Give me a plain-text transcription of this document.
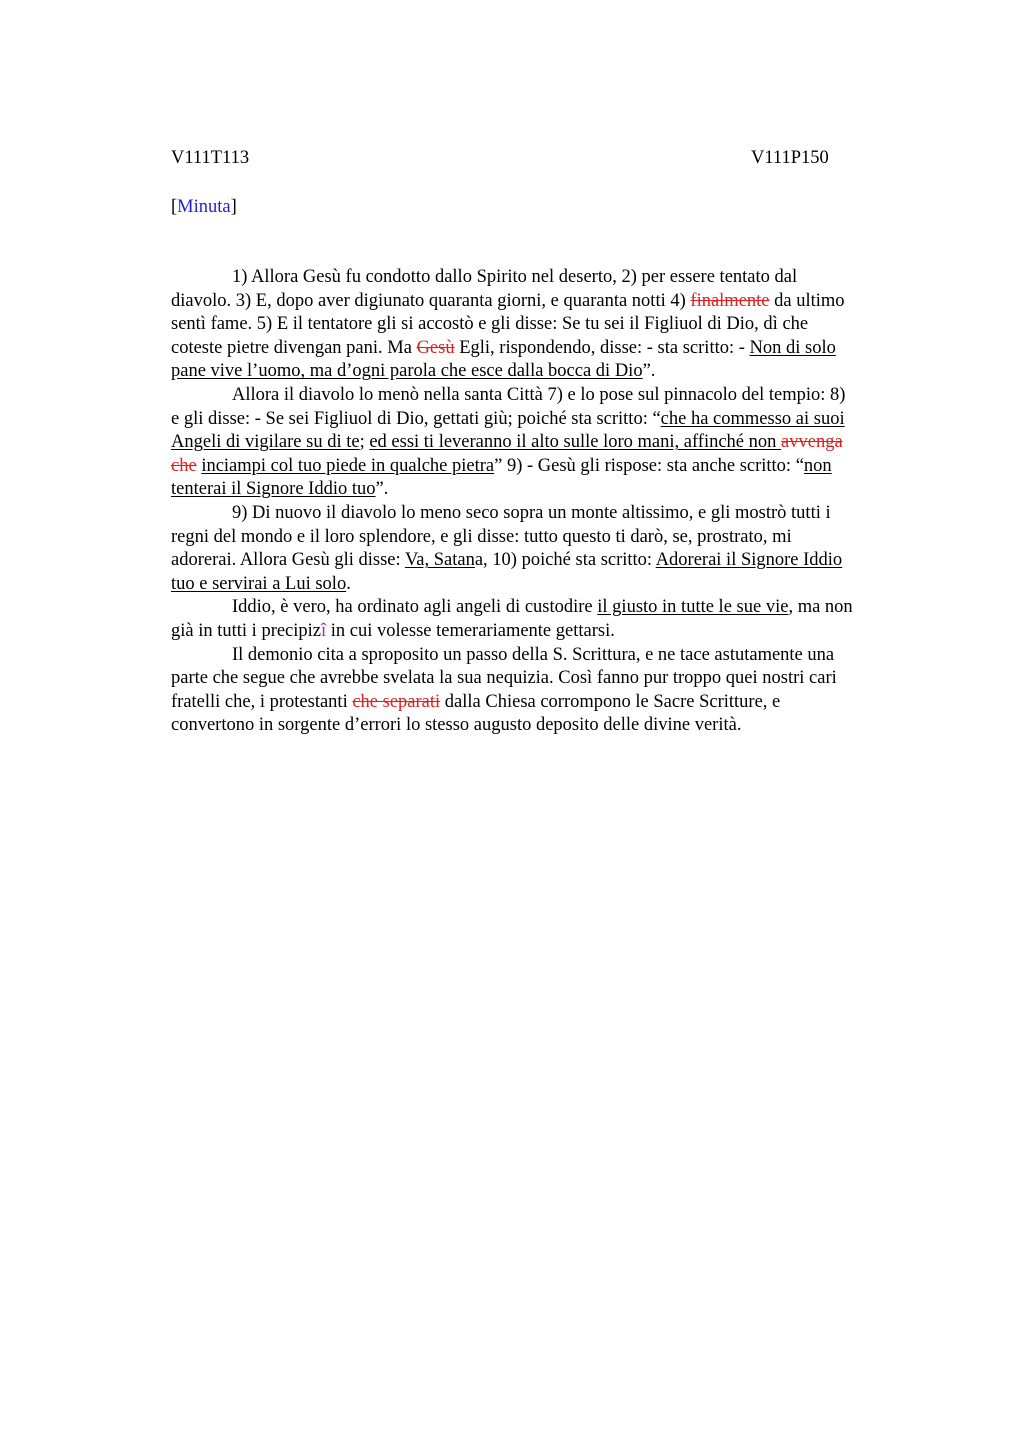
V111T113	V111P150
[Minuta]
1) Allora Gesù fu condotto dallo Spirito nel deserto, 2) per essere tentato dal
diavolo. 3) E, dopo aver digiunato quaranta giorni, e quaranta notti 4) finalmente da ultimo
sentì fame. 5) E il tentatore gli si accostò e gli disse: Se tu sei il Figliuol di Dio, dì che
coteste pietre divengan pani. Ma Gesù Egli, rispondendo, disse: - sta scritto: - Non di solo
pane vive l’uomo, ma d’ogni parola che esce dalla bocca di Dio”.
Allora il diavolo lo menò nella santa Città 7) e lo pose sul pinnacolo del tempio: 8)
e gli disse: - Se sei Figliuol di Dio, gettati giù; poiché sta scritto: “che ha commesso ai suoi
Angeli di vigilare su di te; ed essi ti leveranno il alto sulle loro mani, affinché non avvenga
che inciampi col tuo piede in qualche pietra” 9) - Gesù gli rispose: sta anche scritto: “non
tenterai il Signore Iddio tuo”.
9) Di nuovo il diavolo lo meno seco sopra un monte altissimo, e gli mostrò tutti i
regni del mondo e il loro splendore, e gli disse: tutto questo ti darò, se, prostrato, mi
adorerai. Allora Gesù gli disse: Va, Satana, 10) poiché sta scritto: Adorerai il Signore Iddio
tuo e servirai a Lui solo.
Iddio, è vero, ha ordinato agli angeli di custodire il giusto in tutte le sue vie, ma non
già in tutti i precipizî in cui volesse temerariamente gettarsi.
Il demonio cita a sproposito un passo della S. Scrittura, e ne tace astutamente una
parte che segue che avrebbe svelata la sua nequizia. Così fanno pur troppo quei nostri cari
fratelli che, i protestanti che separati dalla Chiesa corrompono le Sacre Scritture, e
convertono in sorgente d’errori lo stesso augusto deposito delle divine verità.
